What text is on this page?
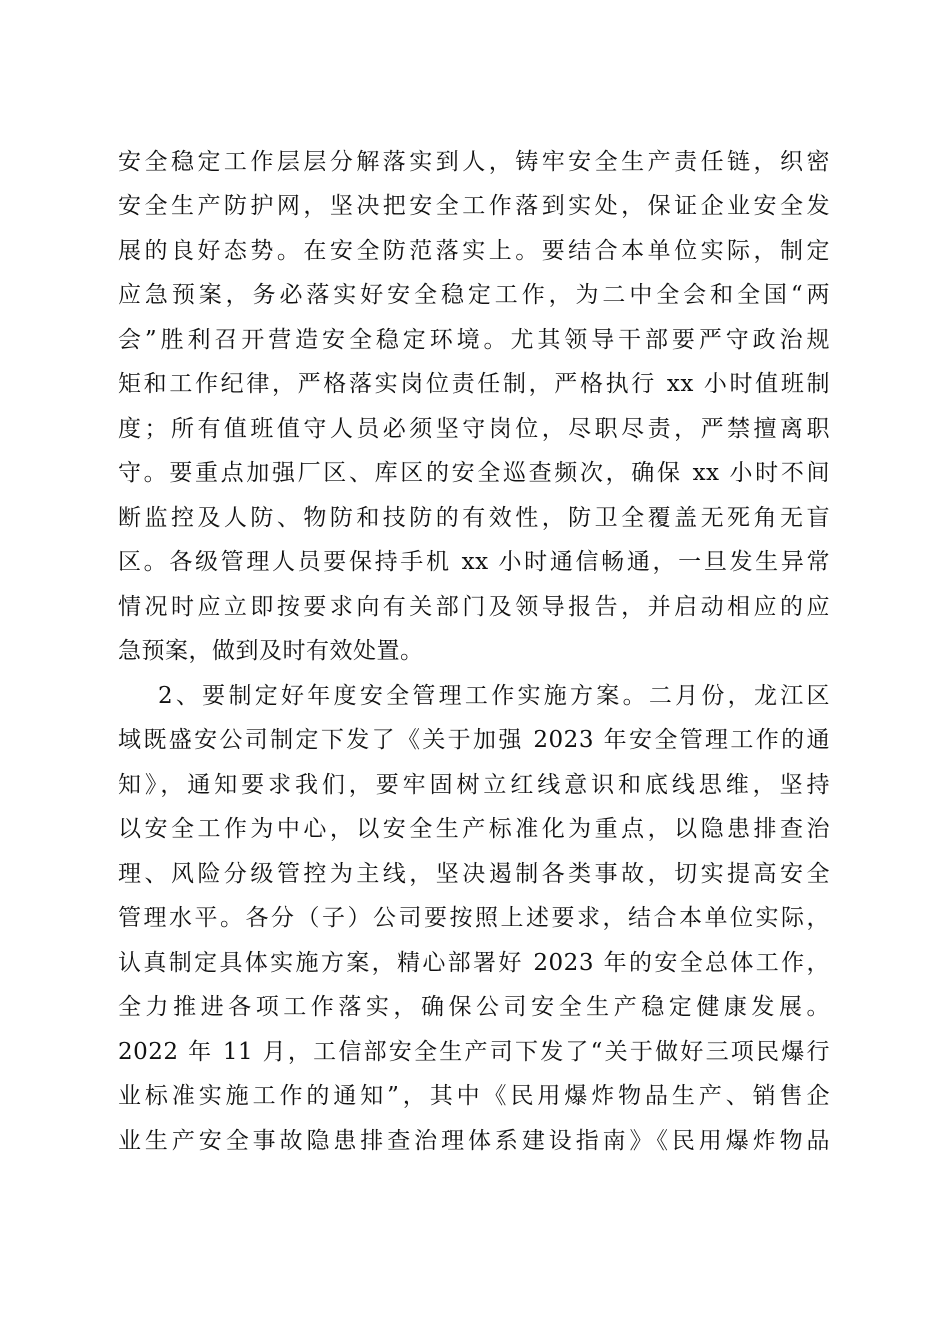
安全稳定工作层层分解落实到人，铸牢安全生产责任链，织密
安全生产防护网，坚决把安全工作落到实处，保证企业安全发
展的良好态势。在安全防范落实上。要结合本单位实际，制定
应急预案，务必落实好安全稳定工作，为二中全会和全国“两
会”胜利召开营造安全稳定环境。尤其领导干部要严守政治规
矩和工作纪律，严格落实岗位责任制，严格执行 xx 小时值班制
度；所有值班值守人员必须坚守岗位，尽职尽责，严禁擅离职
守。要重点加强厂区、库区的安全巡查频次，确保 xx 小时不间
断监控及人防、物防和技防的有效性，防卫全覆盖无死角无盲
区。各级管理人员要保持手机 xx 小时通信畅通，一旦发生异常
情况时应立即按要求向有关部门及领导报告，并启动相应的应
急预案，做到及时有效处置。
2、要制定好年度安全管理工作实施方案。二月份，龙江区
域既盛安公司制定下发了《关于加强 2023 年安全管理工作的通
知》，通知要求我们，要牢固树立红线意识和底线思维，坚持
以安全工作为中心，以安全生产标准化为重点，以隐患排查治
理、风险分级管控为主线，坚决遏制各类事故，切实提高安全
管理水平。各分（子）公司要按照上述要求，结合本单位实际，
认真制定具体实施方案，精心部署好 2023 年的安全总体工作，
全力推进各项工作落实，确保公司安全生产稳定健康发展。
2022 年 11 月，工信部安全生产司下发了“关于做好三项民爆行
业标准实施工作的通知”，其中《民用爆炸物品生产、销售企
业生产安全事故隐患排查治理体系建设指南》《民用爆炸物品
